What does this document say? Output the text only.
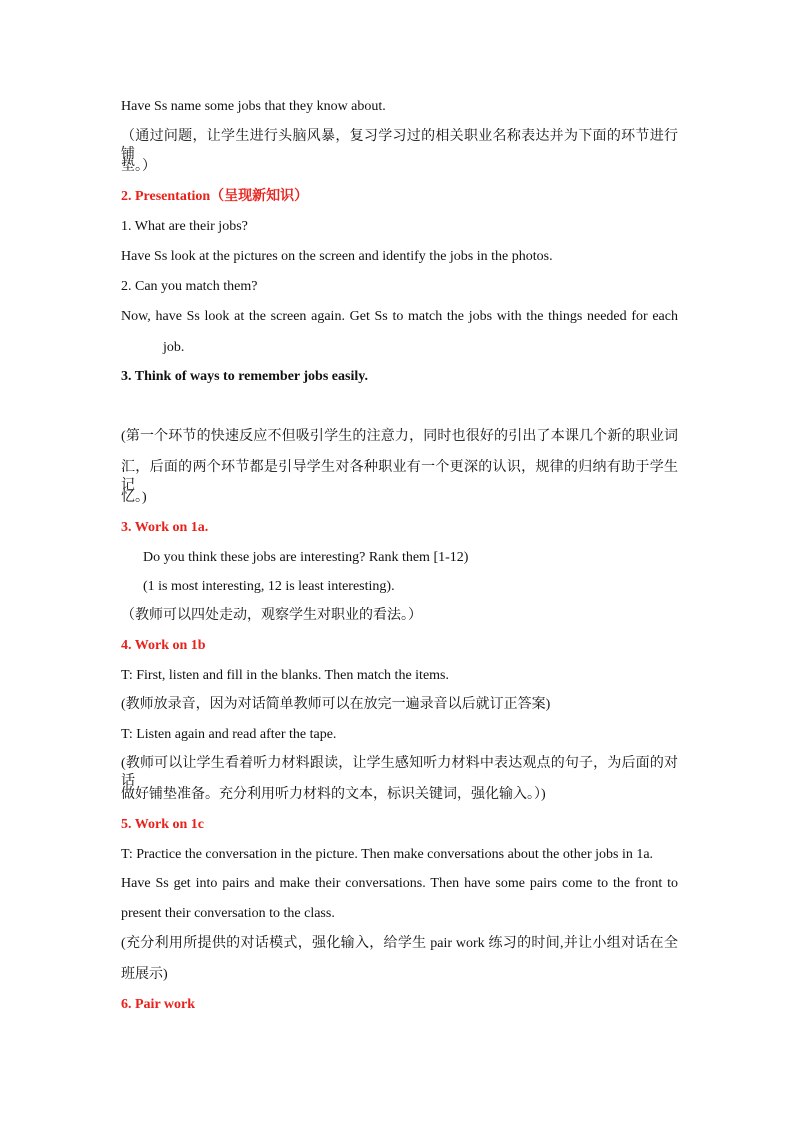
Have Ss name some jobs that they know about.
（通过问题，让学生进行头脑风暴，复习学习过的相关职业名称表达并为下面的环节进行铺
垫。）
2. Presentation（呈现新知识）
1. What are their jobs?
Have Ss look at the pictures on the screen and identify the jobs in the photos.
2. Can you match them?
Now, have Ss look at the screen again. Get Ss to match the jobs with the things needed for each
job.
3. Think of ways to remember jobs easily.
(第一个环节的快速反应不但吸引学生的注意力，同时也很好的引出了本课几个新的职业词
汇，后面的两个环节都是引导学生对各种职业有一个更深的认识，规律的归纳有助于学生记
忆。)
3. Work on 1a.
Do you think these jobs are interesting? Rank them [1-12)
(1 is most interesting, 12 is least interesting).
（教师可以四处走动，观察学生对职业的看法。）
4. Work on 1b
T: First, listen and fill in the blanks. Then match the items.
(教师放录音，因为对话简单教师可以在放完一遍录音以后就订正答案)
T: Listen again and read after the tape.
(教师可以让学生看着听力材料跟读，让学生感知听力材料中表达观点的句子，为后面的对话
做好铺垫准备。充分利用听力材料的文本，标识关键词，强化输入。）)
5. Work on 1c
T: Practice the conversation in the picture. Then make conversations about the other jobs in 1a.
Have Ss get into pairs and make their conversations. Then have some pairs come to the front to
present their conversation to the class.
(充分利用所提供的对话模式，强化输入，给学生 pair work 练习的时间,并让小组对话在全
班展示)
6. Pair work
